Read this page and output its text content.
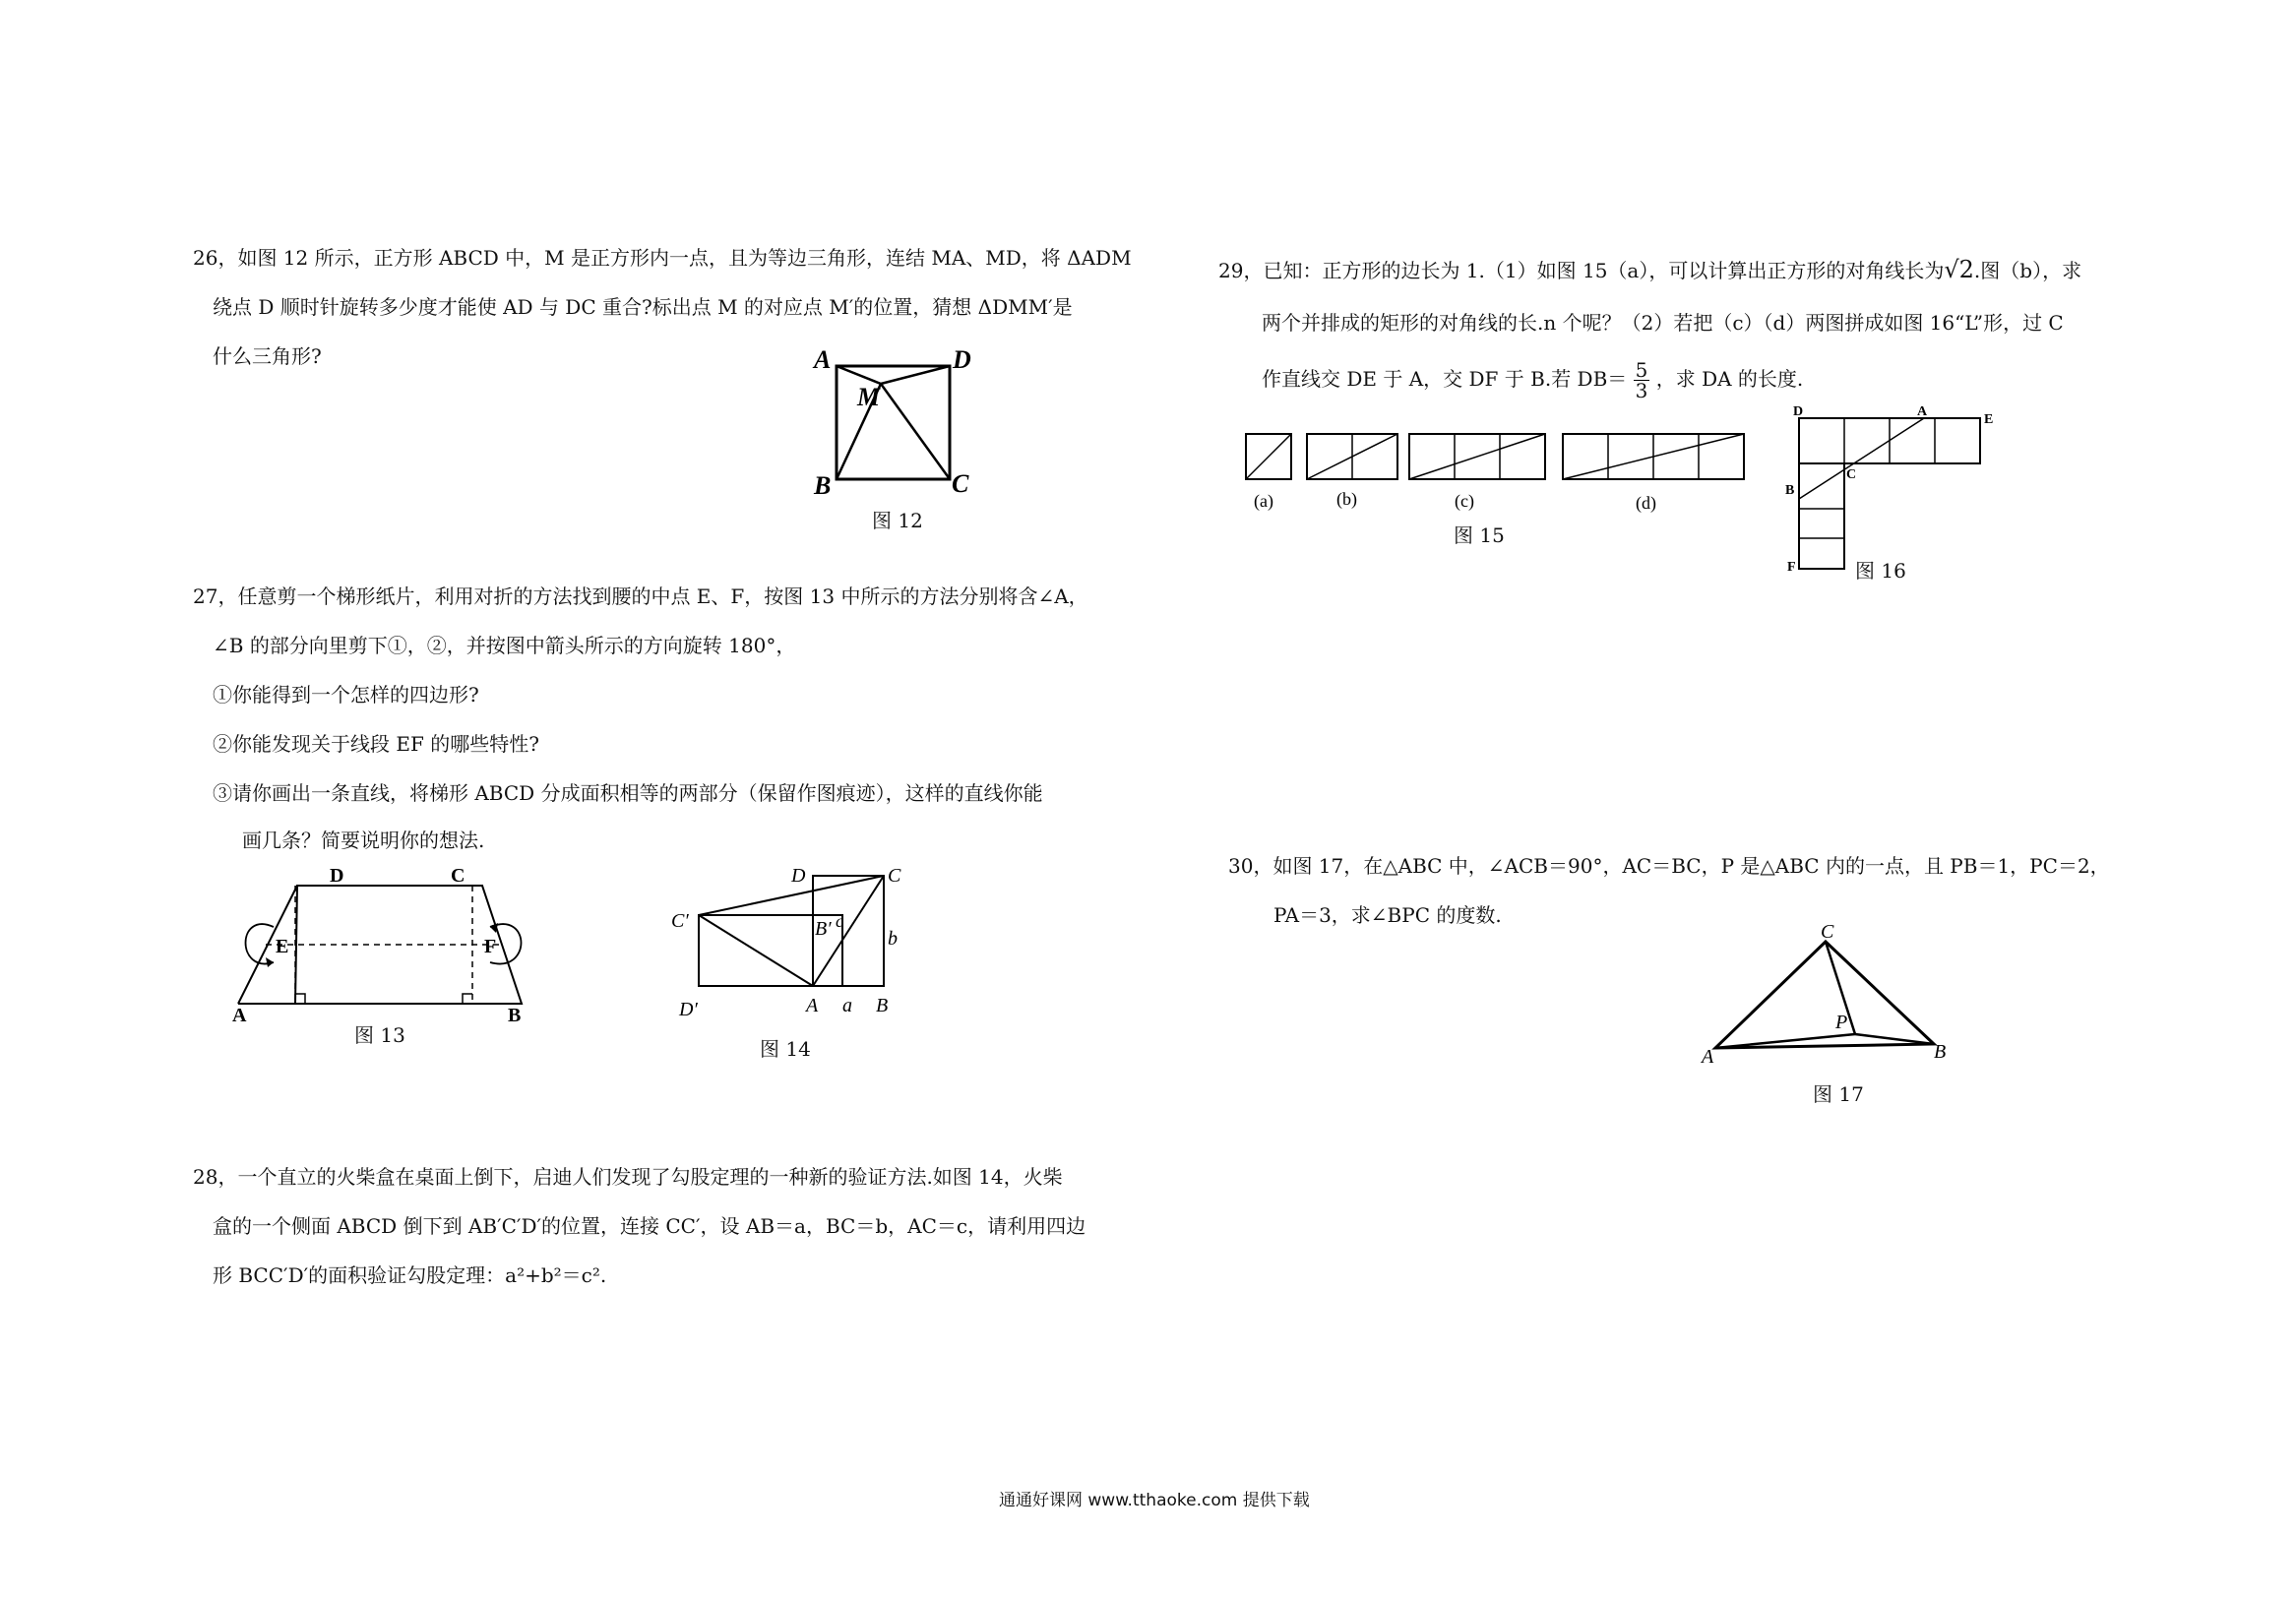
26，如图 12 所示，正方形 ABCD 中，M 是正方形内一点，且为等边三角形，连结 MA、MD，将 ΔADM
绕点 D 顺时针旋转多少度才能使 AD 与 DC 重合?标出点 M 的对应点 M′的位置，猜想 ΔDMM′是
什么三角形?	A	D
M
B	C
图 12
27，任意剪一个梯形纸片，利用对折的方法找到腰的中点 E、F，按图 13 中所示的方法分别将含∠A，
∠B 的部分向里剪下①，②，并按图中箭头所示的方向旋转 180°，
①你能得到一个怎样的四边形?
②你能发现关于线段 EF 的哪些特性?
③请你画出一条直线，将梯形 ABCD 分成面积相等的两部分（保留作图痕迹），这样的直线你能
画几条？简要说明你的想法.
D	C
E	F
A	B
图 13
D	C
C′	B′ c
b
D′	A a B
图 14
28，一个直立的火柴盒在桌面上倒下，启迪人们发现了勾股定理的一种新的验证方法.如图 14，火柴
盒的一个侧面 ABCD 倒下到 AB′C′D′的位置，连接 CC′，设 AB＝a，BC＝b，AC＝c，请利用四边
形 BCC′D′的面积验证勾股定理：a²+b²＝c².
29，已知：正方形的边长为 1.（1）如图 15（a），可以计算出正方形的对角线长为√2.图（b），求
两个并排成的矩形的对角线的长.n 个呢？（2）若把（c）（d）两图拼成如图 16“L”形，过 C
作直线交 DE 于 A，交 DF 于 B.若 $DB= \frac{5}{3}$ ，求 DA 的长度.
(a)	(b)	(c)	(d)
图 15
D	A
E
B
C
F	图 16
30，如图 17，在△ABC 中，∠ACB＝90°，AC＝BC，P 是△ABC 内的一点，且 PB＝1，PC＝2，
PA＝3，求∠BPC 的度数.
C
P
A	B
图 17
通通好课网 www.tthaoke.com 提供下载
